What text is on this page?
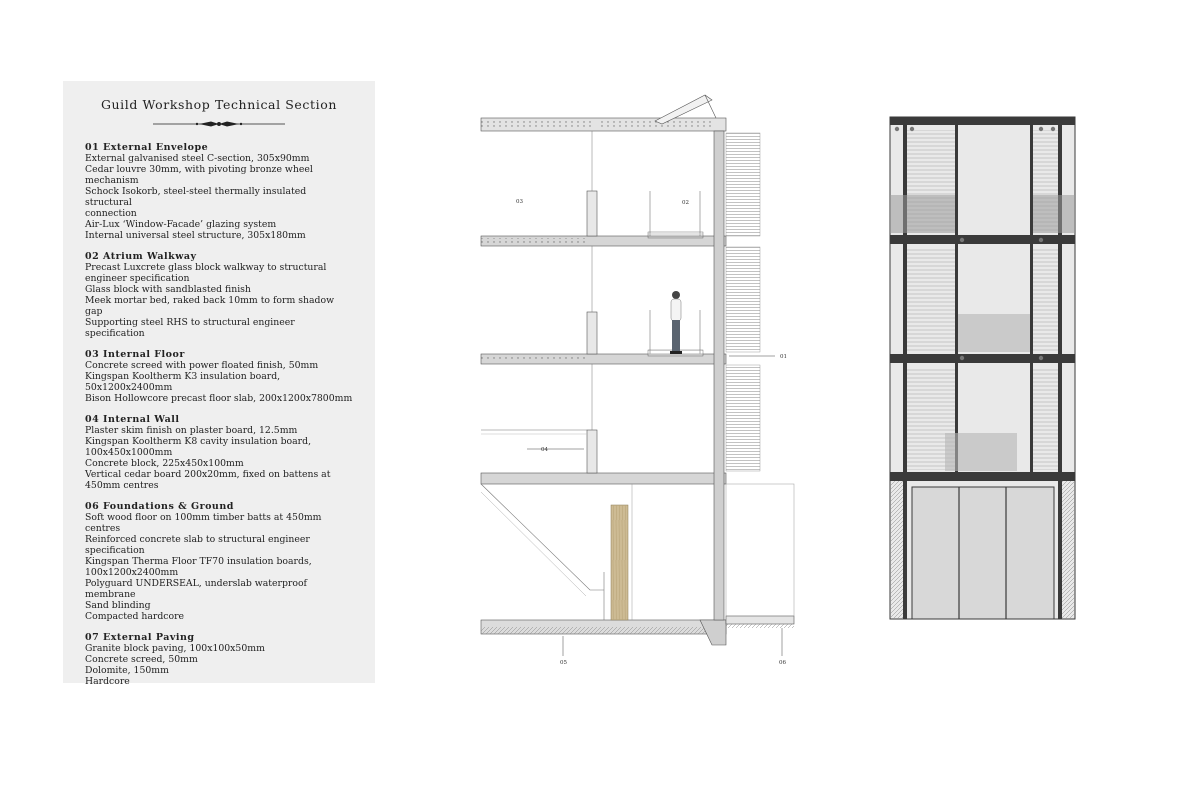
Guild Workshop Technical Section

01 External Envelope

External galvanised steel C-section, 305x90mm

Cedar louvre 30mm, with pivoting bronze wheel

mechanism

Schock Isokorb, steel-steel thermally insulated structural

connection

Air-Lux ‘Window-Facade’ glazing system

Internal universal steel structure, 305x180mm

02 Atrium Walkway

Precast Luxcrete glass block walkway to structural

engineer specification

Glass block with sandblasted finish

Meek mortar bed, raked back 10mm to form shadow gap

Supporting steel RHS to structural engineer specification

03 Internal Floor

Concrete screed with power floated finish, 50mm

Kingspan Kooltherm K3 insulation board,

50x1200x2400mm

Bison Hollowcore precast floor slab, 200x1200x7800mm

04 Internal Wall

Plaster skim finish on plaster board, 12.5mm

Kingspan Kooltherm K8 cavity insulation board,

100x450x1000mm

Concrete block, 225x450x100mm

Vertical cedar board 200x20mm, fixed on battens at

450mm centres

06 Foundations & Ground

Soft wood floor on 100mm timber batts at 450mm centres

Reinforced concrete slab to structural engineer

specification

Kingspan Therma Floor TF70 insulation boards,

100x1200x2400mm

Polyguard UNDERSEAL, underslab waterproof

membrane

Sand blinding

Compacted hardcore

07 External Paving

Granite block paving, 100x100x50mm

Concrete screed, 50mm

Dolomite, 150mm

Hardcore

01
02
03
04
05	06
